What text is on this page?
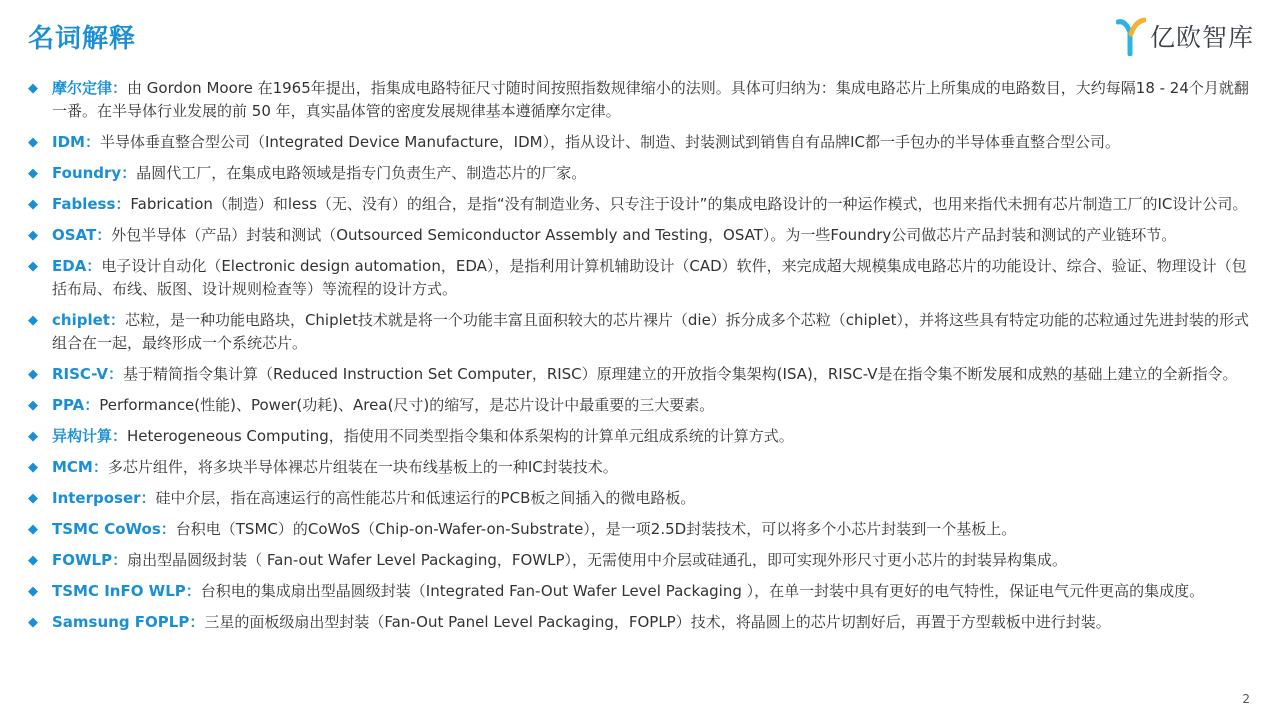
名词解释	亿欧智库
◆ 摩尔定律：由 Gordon Moore 在1965年提出，指集成电路特征尺寸随时间按照指数规律缩小的法则。具体可归纳为：集成电路芯片上所集成的电路数目，大约每隔18 - 24个月就翻一番。在半导体行业发展的前 50 年，真实晶体管的密度发展规律基本遵循摩尔定律。
◆ IDM：半导体垂直整合型公司（Integrated Device Manufacture，IDM），指从设计、制造、封装测试到销售自有品牌IC都一手包办的半导体垂直整合型公司。
◆ Foundry：晶圆代工厂，在集成电路领域是指专门负责生产、制造芯片的厂家。
◆ Fabless：Fabrication（制造）和less（无、没有）的组合，是指“没有制造业务、只专注于设计”的集成电路设计的一种运作模式，也用来指代未拥有芯片制造工厂的IC设计公司。
◆ OSAT：外包半导体（产品）封装和测试（Outsourced Semiconductor Assembly and Testing，OSAT）。为一些Foundry公司做芯片产品封装和测试的产业链环节。
◆ EDA：电子设计自动化（Electronic design automation，EDA），是指利用计算机辅助设计（CAD）软件，来完成超大规模集成电路芯片的功能设计、综合、验证、物理设计（包括布局、布线、版图、设计规则检查等）等流程的设计方式。
◆ chiplet：芯粒，是一种功能电路块，Chiplet技术就是将一个功能丰富且面积较大的芯片裸片（die）拆分成多个芯粒（chiplet），并将这些具有特定功能的芯粒通过先进封装的形式组合在一起，最终形成一个系统芯片。
◆ RISC-V：基于精简指令集计算（Reduced Instruction Set Computer，RISC）原理建立的开放指令集架构(ISA)，RISC-V是在指令集不断发展和成熟的基础上建立的全新指令。
◆ PPA：Performance(性能)、Power(功耗)、Area(尺寸)的缩写，是芯片设计中最重要的三大要素。
◆ 异构计算：Heterogeneous Computing，指使用不同类型指令集和体系架构的计算单元组成系统的计算方式。
◆ MCM：多芯片组件，将多块半导体裸芯片组装在一块布线基板上的一种IC封装技术。
◆ Interposer：硅中介层，指在高速运行的高性能芯片和低速运行的PCB板之间插入的微电路板。
◆ TSMC CoWos：台积电（TSMC）的CoWoS（Chip-on-Wafer-on-Substrate），是一项2.5D封装技术，可以将多个小芯片封装到一个基板上。
◆ FOWLP：扇出型晶圆级封装（ Fan-out Wafer Level Packaging，FOWLP），无需使用中介层或硅通孔，即可实现外形尺寸更小芯片的封装异构集成。
◆ TSMC InFO WLP：台积电的集成扇出型晶圆级封装（Integrated Fan-Out Wafer Level Packaging ），在单一封装中具有更好的电气特性，保证电气元件更高的集成度。
◆ Samsung FOPLP：三星的面板级扇出型封装（Fan-Out Panel Level Packaging，FOPLP）技术，将晶圆上的芯片切割好后，再置于方型载板中进行封装。
2
